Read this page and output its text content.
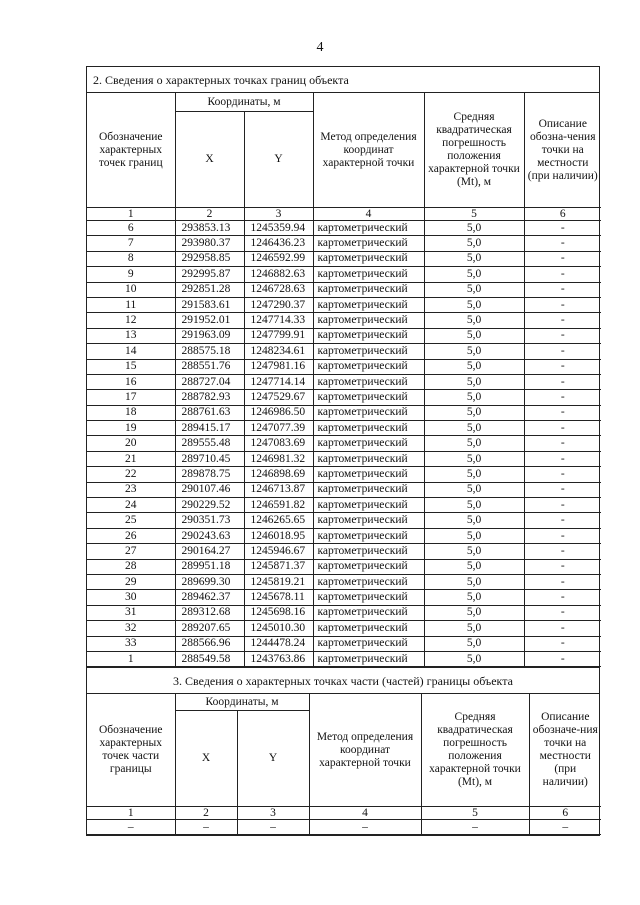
4
2. Сведения о характерных точках границ объекта
Обозначение характерных точек границ	Координаты, м		Метод определения координат характерной точки	Средняя квадратическая погрешность положения характерной точки (Mt), м	Описание обозна-чения точки на местности (при наличии)
	X	Y			
1	2	3	4	5	6
6	293853.13	1245359.94	картометрический	5,0	-
7	293980.37	1246436.23	картометрический	5,0	-
8	292958.85	1246592.99	картометрический	5,0	-
9	292995.87	1246882.63	картометрический	5,0	-
10	292851.28	1246728.63	картометрический	5,0	-
11	291583.61	1247290.37	картометрический	5,0	-
12	291952.01	1247714.33	картометрический	5,0	-
13	291963.09	1247799.91	картометрический	5,0	-
14	288575.18	1248234.61	картометрический	5,0	-
15	288551.76	1247981.16	картометрический	5,0	-
16	288727.04	1247714.14	картометрический	5,0	-
17	288782.93	1247529.67	картометрический	5,0	-
18	288761.63	1246986.50	картометрический	5,0	-
19	289415.17	1247077.39	картометрический	5,0	-
20	289555.48	1247083.69	картометрический	5,0	-
21	289710.45	1246981.32	картометрический	5,0	-
22	289878.75	1246898.69	картометрический	5,0	-
23	290107.46	1246713.87	картометрический	5,0	-
24	290229.52	1246591.82	картометрический	5,0	-
25	290351.73	1246265.65	картометрический	5,0	-
26	290243.63	1246018.95	картометрический	5,0	-
27	290164.27	1245946.67	картометрический	5,0	-
28	289951.18	1245871.37	картометрический	5,0	-
29	289699.30	1245819.21	картометрический	5,0	-
30	289462.37	1245678.11	картометрический	5,0	-
31	289312.68	1245698.16	картометрический	5,0	-
32	289207.65	1245010.30	картометрический	5,0	-
33	288566.96	1244478.24	картометрический	5,0	-
1	288549.58	1243763.86	картометрический	5,0	-
3. Сведения о характерных точках части (частей) границы объекта
Обозначение характерных точек части границы	Координаты, м		Метод определения координат характерной точки	Средняя квадратическая погрешность положения характерной точки (Mt), м	Описание обозначе-ния точки на местности (при наличии)
	X	Y			
1	2	3	4	5	6
–	–	–	–	–	–
